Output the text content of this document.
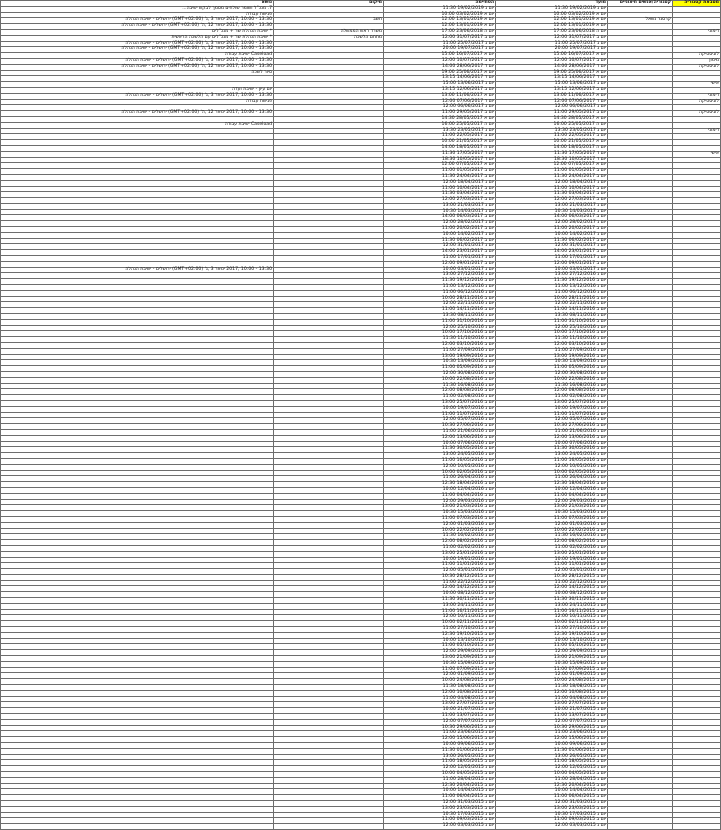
מטבאת קטגוריה	קטגוריה/אנשים חיצוניים	מועד	הסתיימה	מיקום	נושא
		יום ג 19/02/2019 11:30	יום ג 19/02/2019 11:30		7. מנכ"ל ושומר שולחים מסמך לבקש ישיבה...
		יום א 03/02/2019 10:00	יום א 03/02/2019 10:00		פגישת עבודה
	קרסנר נשאל	יום א 13/01/2019 12:00	יום א 13/01/2019 12:00	חשב	13:30 - 10:00 ,2017 ינואר 3 ,ג' (GMT+02:00) ירושלים - ישיבת הנהלה
		יום א 13/01/2019 12:00	יום א 13/01/2019 12:00		13:30 - 10:00 ,2017 ינואר 12 ,ה' (GMT+02:00) ירושלים - ישיבת הנהלה
דימוני		יום ה 23/06/2018 17:00	יום ה 23/06/2018 17:00	משרד ראש הממשלה	* ישיבת הנהלת שר + מנכ"לים
		יום ב 31/07/2017 12:00	יום ב 31/07/2017 12:00	מתחם הלשכה	* ישיבת הנהלת שר + מנכ"לים עם הלשכה הראשית
		יום ג 25/07/2017 11:00	יום ג 25/07/2017 11:00		13:30 - 10:00 ,2017 ינואר 3 ,ג' (GMT+02:00) ירושלים - ישיבת הנהלה
		יום ג 19/07/2017 20:00	יום ג 19/07/2017 20:00		13:30 - 10:00 ,2017 ינואר 12 ,ה' (GMT+02:00) ירושלים - ישיבת הנהלה
לוגיסטיקה		יום א 16/07/2017 15:00	יום א 16/07/2017 15:00		Caseload ישיבת עבודה
מימון		יום ב 10/07/2017 12:00	יום ב 10/07/2017 12:00		13:30 - 10:00 ,2017 ינואר 3 ,ג' (GMT+02:00) ירושלים - ישיבת הנהלה
לוגיסטיקה		יום ד 28/06/2017 14:00	יום ד 28/06/2017 14:00		13:30 - 10:00 ,2017 ינואר 12 ,ה' (GMT+02:00) ירושלים - ישיבת הנהלה
		יום א 25/06/2017 19:00	יום א 25/06/2017 19:00		סיור לשכה
		יום ד 14/06/2017 13:15	יום ד 14/06/2017 13:15		
אישי		יום ג 13/06/2017 15:00	יום ג 13/06/2017 15:00		
		יום ב 12/06/2017 13:15	יום ב 12/06/2017 13:15		יום עיון - ישיבת ועדה
דימוני		יום א 11/06/2017 13:00	יום א 11/06/2017 13:00		13:30 - 10:00 ,2017 ינואר 3 ,ג' (GMT+02:00) ירושלים - ישיבת הנהלה
לוגיסטיקה		יום ד 07/06/2017 12:00	יום ד 07/06/2017 12:00		פגישת עבודה
		יום ג 06/06/2017 12:00	יום ג 06/06/2017 12:00		
לוגיסטיקה		יום ב 29/05/2017 11:00	יום ב 29/05/2017 11:00		13:30 - 10:00 ,2017 ינואר 12 ,ה' (GMT+02:00) ירושלים - ישיבת הנהלה
		יום א 28/05/2017 14:30	יום א 28/05/2017 14:30		
		יום ה 25/05/2017 16:00	יום ה 25/05/2017 16:00		Caseload ישיבת עבודה
דימוני		יום ג 23/05/2017 13:30	יום ג 23/05/2017 13:30		
		יום ב 22/05/2017 11:00	יום ב 22/05/2017 11:00		
		יום א 21/05/2017 10:00	יום א 21/05/2017 10:00		
		יום ה 18/05/2017 14:00	יום ה 18/05/2017 14:00		
אישי		יום ד 17/05/2017 11:30	יום ד 17/05/2017 11:30		
		יום ד 10/05/2017 18:30	יום ד 10/05/2017 18:30		
		יום א 07/05/2017 12:00	יום א 07/05/2017 12:00		
		יום ב 01/05/2017 11:00	יום ב 01/05/2017 11:00		
		יום ב 24/04/2017 11:30	יום ב 24/04/2017 11:30		
		יום ג 18/04/2017 12:00	יום ג 18/04/2017 12:00		
		יום ב 10/04/2017 11:00	יום ב 10/04/2017 11:00		
		יום ב 03/04/2017 11:30	יום ב 03/04/2017 11:30		
		יום ב 27/03/2017 12:00	יום ב 27/03/2017 12:00		
		יום ג 21/03/2017 13:00	יום ג 21/03/2017 13:00		
		יום ג 14/03/2017 10:30	יום ג 14/03/2017 10:30		
		יום ב 06/03/2017 14:00	יום ב 06/03/2017 14:00		
		יום ג 28/02/2017 12:00	יום ג 28/02/2017 12:00		
		יום ב 20/02/2017 11:00	יום ב 20/02/2017 11:00		
		יום ג 14/02/2017 10:00	יום ג 14/02/2017 10:00		
		יום ב 06/02/2017 11:30	יום ב 06/02/2017 11:30		
		יום ג 31/01/2017 12:00	יום ג 31/01/2017 12:00		
		יום ב 23/01/2017 14:00	יום ב 23/01/2017 14:00		
		יום ג 17/01/2017 11:00	יום ג 17/01/2017 11:00		
		יום ב 09/01/2017 12:00	יום ב 09/01/2017 12:00		
		יום ג 03/01/2017 10:00	יום ג 03/01/2017 10:00		13:30 - 10:00 ,2017 ינואר 3 ,ג' (GMT+02:00) ירושלים - ישיבת הנהלה
		יום ג 27/12/2016 13:00	יום ג 27/12/2016 13:00		
		יום ב 19/12/2016 11:30	יום ב 19/12/2016 11:30		
		יום ג 13/12/2016 11:00	יום ג 13/12/2016 11:00		
		יום ג 06/12/2016 11:00	יום ג 06/12/2016 11:00		
		יום ב 28/11/2016 10:00	יום ב 28/11/2016 10:00		
		יום ג 22/11/2016 12:00	יום ג 22/11/2016 12:00		
		יום ב 14/11/2016 11:00	יום ב 14/11/2016 11:00		
		יום ג 08/11/2016 13:30	יום ג 08/11/2016 13:30		
		יום ב 31/10/2016 11:00	יום ב 31/10/2016 11:00		
		יום ג 25/10/2016 12:00	יום ג 25/10/2016 12:00		
		יום ב 17/10/2016 10:00	יום ב 17/10/2016 10:00		
		יום ג 11/10/2016 11:30	יום ג 11/10/2016 11:30		
		יום ב 03/10/2016 12:00	יום ב 03/10/2016 12:00		
		יום ג 27/09/2016 11:00	יום ג 27/09/2016 11:00		
		יום ב 19/09/2016 13:00	יום ב 19/09/2016 13:00		
		יום ג 13/09/2016 10:30	יום ג 13/09/2016 10:30		
		יום ב 05/09/2016 11:00	יום ב 05/09/2016 11:00		
		יום ג 30/08/2016 12:00	יום ג 30/08/2016 12:00		
		יום ב 22/08/2016 10:00	יום ב 22/08/2016 10:00		
		יום ג 16/08/2016 11:30	יום ג 16/08/2016 11:30		
		יום ב 08/08/2016 12:00	יום ב 08/08/2016 12:00		
		יום ג 02/08/2016 11:00	יום ג 02/08/2016 11:00		
		יום ב 25/07/2016 13:00	יום ב 25/07/2016 13:00		
		יום ג 19/07/2016 10:00	יום ג 19/07/2016 10:00		
		יום ב 11/07/2016 11:00	יום ב 11/07/2016 11:00		
		יום ג 05/07/2016 12:00	יום ג 05/07/2016 12:00		
		יום ב 27/06/2016 10:30	יום ב 27/06/2016 10:30		
		יום ג 21/06/2016 11:00	יום ג 21/06/2016 11:00		
		יום ב 13/06/2016 12:00	יום ב 13/06/2016 12:00		
		יום ג 07/06/2016 10:00	יום ג 07/06/2016 10:00		
		יום ב 30/05/2016 11:30	יום ב 30/05/2016 11:30		
		יום ג 24/05/2016 13:00	יום ג 24/05/2016 13:00		
		יום ב 16/05/2016 11:00	יום ב 16/05/2016 11:00		
		יום ג 10/05/2016 12:00	יום ג 10/05/2016 12:00		
		יום ב 02/05/2016 10:00	יום ב 02/05/2016 10:00		
		יום ג 26/04/2016 11:00	יום ג 26/04/2016 11:00		
		יום ב 18/04/2016 12:30	יום ב 18/04/2016 12:30		
		יום ג 12/04/2016 10:00	יום ג 12/04/2016 10:00		
		יום ב 04/04/2016 11:00	יום ב 04/04/2016 11:00		
		יום ג 29/03/2016 12:00	יום ג 29/03/2016 12:00		
		יום ב 21/03/2016 13:00	יום ב 21/03/2016 13:00		
		יום ג 15/03/2016 10:30	יום ג 15/03/2016 10:30		
		יום ב 07/03/2016 11:00	יום ב 07/03/2016 11:00		
		יום ג 01/03/2016 12:00	יום ג 01/03/2016 12:00		
		יום ב 22/02/2016 10:00	יום ב 22/02/2016 10:00		
		יום ג 16/02/2016 11:30	יום ג 16/02/2016 11:30		
		יום ב 08/02/2016 12:00	יום ב 08/02/2016 12:00		
		יום ג 02/02/2016 11:00	יום ג 02/02/2016 11:00		
		יום ב 25/01/2016 13:00	יום ב 25/01/2016 13:00		
		יום ג 19/01/2016 10:00	יום ג 19/01/2016 10:00		
		יום ב 11/01/2016 11:00	יום ב 11/01/2016 11:00		
		יום ג 05/01/2016 12:00	יום ג 05/01/2016 12:00		
		יום ב 28/12/2015 10:30	יום ב 28/12/2015 10:30		
		יום ג 22/12/2015 11:00	יום ג 22/12/2015 11:00		
		יום ב 14/12/2015 12:00	יום ב 14/12/2015 12:00		
		יום ג 08/12/2015 10:00	יום ג 08/12/2015 10:00		
		יום ב 30/11/2015 11:30	יום ב 30/11/2015 11:30		
		יום ג 24/11/2015 13:00	יום ג 24/11/2015 13:00		
		יום ב 16/11/2015 11:00	יום ב 16/11/2015 11:00		
		יום ג 10/11/2015 12:00	יום ג 10/11/2015 12:00		
		יום ב 02/11/2015 10:00	יום ב 02/11/2015 10:00		
		יום ג 27/10/2015 11:00	יום ג 27/10/2015 11:00		
		יום ב 19/10/2015 12:30	יום ב 19/10/2015 12:30		
		יום ג 13/10/2015 10:00	יום ג 13/10/2015 10:00		
		יום ב 05/10/2015 11:00	יום ב 05/10/2015 11:00		
		יום ג 29/09/2015 12:00	יום ג 29/09/2015 12:00		
		יום ב 21/09/2015 13:00	יום ב 21/09/2015 13:00		
		יום ג 15/09/2015 10:30	יום ג 15/09/2015 10:30		
		יום ב 07/09/2015 11:00	יום ב 07/09/2015 11:00		
		יום ג 01/09/2015 12:00	יום ג 01/09/2015 12:00		
		יום ב 24/08/2015 10:00	יום ב 24/08/2015 10:00		
		יום ג 18/08/2015 11:30	יום ג 18/08/2015 11:30		
		יום ב 10/08/2015 12:00	יום ב 10/08/2015 12:00		
		יום ג 04/08/2015 11:00	יום ג 04/08/2015 11:00		
		יום ב 27/07/2015 13:00	יום ב 27/07/2015 13:00		
		יום ג 21/07/2015 10:00	יום ג 21/07/2015 10:00		
		יום ב 13/07/2015 11:00	יום ב 13/07/2015 11:00		
		יום ג 07/07/2015 12:00	יום ג 07/07/2015 12:00		
		יום ב 29/06/2015 10:30	יום ב 29/06/2015 10:30		
		יום ג 23/06/2015 11:00	יום ג 23/06/2015 11:00		
		יום ב 15/06/2015 12:00	יום ב 15/06/2015 12:00		
		יום ג 09/06/2015 10:00	יום ג 09/06/2015 10:00		
		יום ב 01/06/2015 11:30	יום ב 01/06/2015 11:30		
		יום ג 26/05/2015 13:00	יום ג 26/05/2015 13:00		
		יום ב 18/05/2015 11:00	יום ב 18/05/2015 11:00		
		יום ג 12/05/2015 12:00	יום ג 12/05/2015 12:00		
		יום ב 04/05/2015 10:00	יום ב 04/05/2015 10:00		
		יום ג 28/04/2015 11:00	יום ג 28/04/2015 11:00		
		יום ב 20/04/2015 12:30	יום ב 20/04/2015 12:30		
		יום ג 14/04/2015 10:00	יום ג 14/04/2015 10:00		
		יום ב 06/04/2015 11:00	יום ב 06/04/2015 11:00		
		יום ג 31/03/2015 12:00	יום ג 31/03/2015 12:00		
		יום ב 23/03/2015 13:00	יום ב 23/03/2015 13:00		
		יום ג 17/03/2015 10:30	יום ג 17/03/2015 10:30		
		יום ב 09/03/2015 11:00	יום ב 09/03/2015 11:00		
		יום ג 03/03/2015 12:00	יום ג 03/03/2015 12:00		
